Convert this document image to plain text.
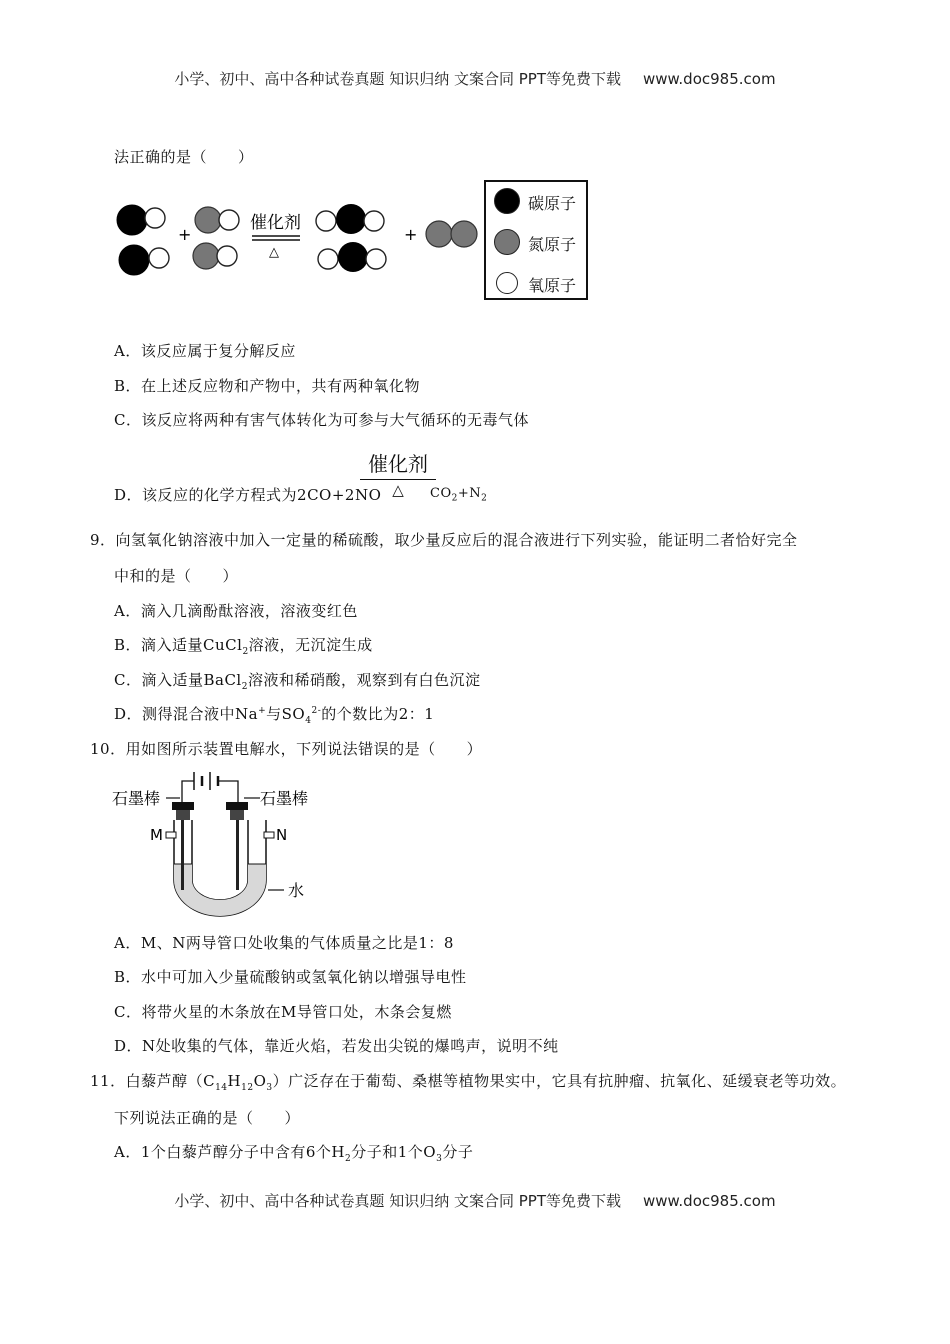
小学、初中、高中各种试卷真题 知识归纳 文案合同 PPT等免费下载 www.doc985.com
法正确的是（　　）
+
催化剂
△
+
碳原子
氮原子
氧原子
A．该反应属于复分解反应
B．在上述反应物和产物中，共有两种氧化物
C．该反应将两种有害气体转化为可参与大气循环的无毒气体
催化剂
△
D．该反应的化学方程式为2CO+2NO	$CO_2+N_2$
9．向氢氧化钠溶液中加入一定量的稀硫酸，取少量反应后的混合液进行下列实验，能证明二者恰好完全
中和的是（　　）
A．滴入几滴酚酞溶液，溶液变红色
B．滴入适量CuCl$_2$溶液，无沉淀生成
C．滴入适量BaCl$_2$溶液和稀硝酸，观察到有白色沉淀
D．测得混合液中Na+与$SO_4^{2-}$的个数比为2：1
10．用如图所示装置电解水，下列说法错误的是（　　）
石墨棒	石墨棒
M	N
水
A．M、N两导管口处收集的气体质量之比是1：8
B．水中可加入少量硫酸钠或氢氧化钠以增强导电性
C．将带火星的木条放在M导管口处，木条会复燃
D．N处收集的气体，靠近火焰，若发出尖锐的爆鸣声，说明不纯
11．白藜芦醇$(C_{14}H_{12}O_3)$广泛存在于葡萄、桑椹等植物果实中，它具有抗肿瘤、抗氧化、延缓衰老等功效。
下列说法正确的是（　　）
A．1个白藜芦醇分子中含有6个$H_2$分子和1个$O_3$分子
小学、初中、高中各种试卷真题 知识归纳 文案合同 PPT等免费下载 www.doc985.com
